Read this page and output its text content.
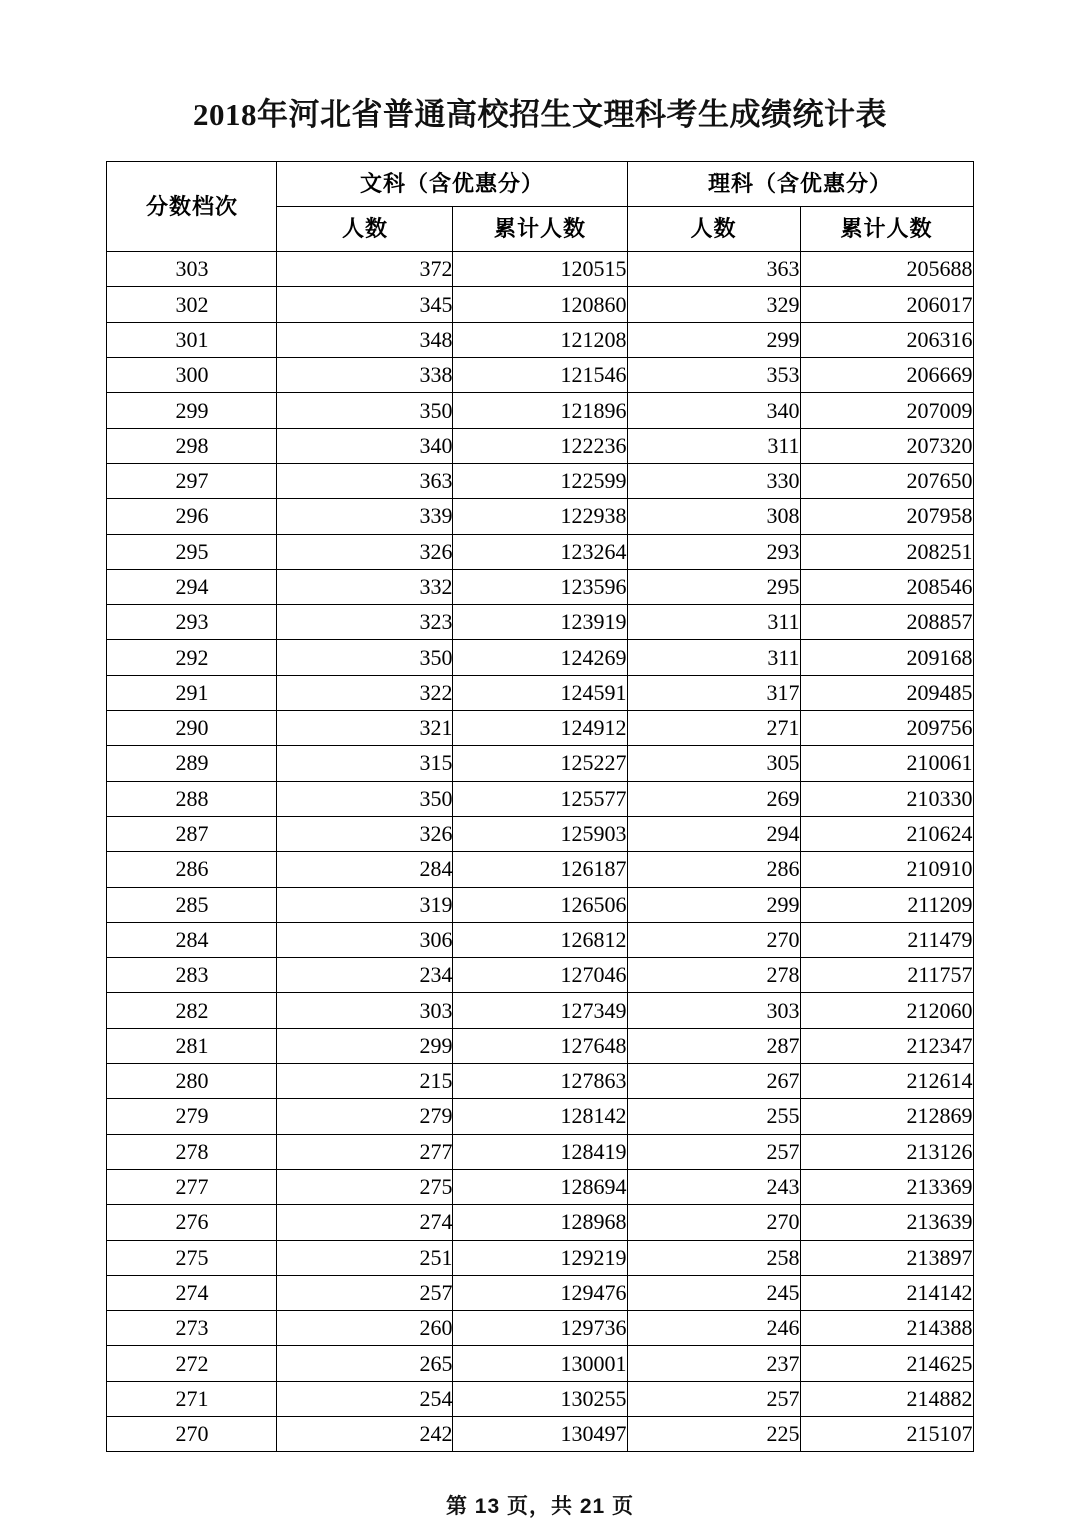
2018年河北省普通高校招生文理科考生成绩统计表
分数档次	文科（含优惠分）		理科（含优惠分）	
	人数	累计人数	人数	累计人数
303	372	120515	363	205688
302	345	120860	329	206017
301	348	121208	299	206316
300	338	121546	353	206669
299	350	121896	340	207009
298	340	122236	311	207320
297	363	122599	330	207650
296	339	122938	308	207958
295	326	123264	293	208251
294	332	123596	295	208546
293	323	123919	311	208857
292	350	124269	311	209168
291	322	124591	317	209485
290	321	124912	271	209756
289	315	125227	305	210061
288	350	125577	269	210330
287	326	125903	294	210624
286	284	126187	286	210910
285	319	126506	299	211209
284	306	126812	270	211479
283	234	127046	278	211757
282	303	127349	303	212060
281	299	127648	287	212347
280	215	127863	267	212614
279	279	128142	255	212869
278	277	128419	257	213126
277	275	128694	243	213369
276	274	128968	270	213639
275	251	129219	258	213897
274	257	129476	245	214142
273	260	129736	246	214388
272	265	130001	237	214625
271	254	130255	257	214882
270	242	130497	225	215107
第 13 页，共 21 页
